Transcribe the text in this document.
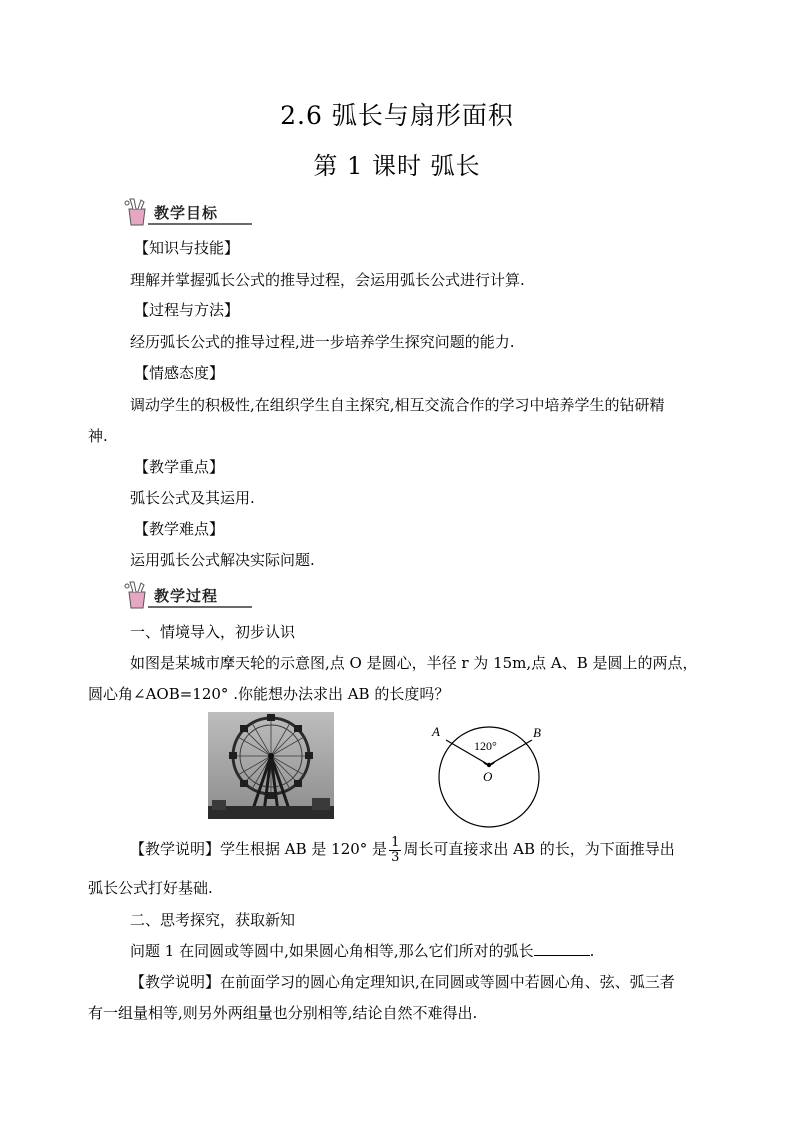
2.6 弧长与扇形面积
第 1 课时 弧长
教学目标
【知识与技能】
理解并掌握弧长公式的推导过程，会运用弧长公式进行计算.
【过程与方法】
经历弧长公式的推导过程,进一步培养学生探究问题的能力.
【情感态度】
调动学生的积极性,在组织学生自主探究,相互交流合作的学习中培养学生的钻研精
神.
【教学重点】
弧长公式及其运用.
【教学难点】
运用弧长公式解决实际问题.
教学过程
一、情境导入，初步认识
如图是某城市摩天轮的示意图,点 O 是圆心，半径 r 为 15m,点 A、B 是圆上的两点，
圆心角∠AOB=120° .你能想办法求出 AB 的长度吗？
A	B
O
120°
【教学说明】学生根据 AB 是 120° 是 $\frac{1}{3}$ 周长可直接求出 AB 的长，为下面推导出
弧长公式打好基础.
二、思考探究，获取新知
问题 1 在同圆或等圆中,如果圆心角相等,那么它们所对的弧长	.
【教学说明】在前面学习的圆心角定理知识,在同圆或等圆中若圆心角、弦、弧三者
有一组量相等,则另外两组量也分别相等,结论自然不难得出.
